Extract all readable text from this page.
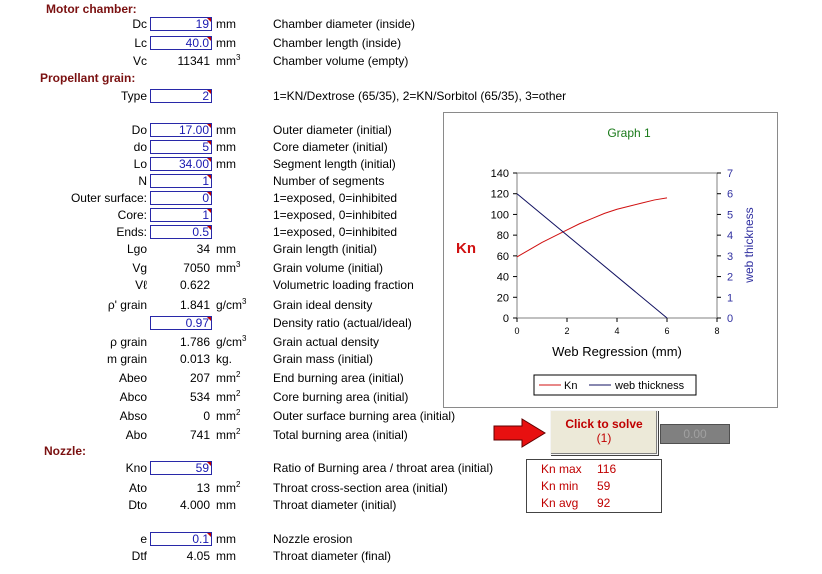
Motor chamber:
Propellant grain:
Nozzle:
Dc	19 mm	Chamber diameter (inside)
Lc	40.0 mm	Chamber length (inside)
Vc	11341 $mm^3$	Chamber volume (empty)
Type	2	1=KN/Dextrose (65/35), 2=KN/Sorbitol (65/35), 3=other
Do	17.00 mm	Outer diameter (initial)
do	5 mm	Core diameter (initial)
Lo	34.00 mm	Segment length (initial)
N	1	Number of segments
Outer surface:	0	1=exposed, 0=inhibited
Core:	1	1=exposed, 0=inhibited
Ends:	0.5	1=exposed, 0=inhibited
Lgo	34 mm	Grain length (initial)
Vg	7050 $mm^3$	Grain volume (initial)
Vℓ	0.622	Volumetric loading fraction
ρ' grain	1.841 $g/cm^3$ Grain ideal density
0.97	Density ratio (actual/ideal)
ρ grain	1.786 $g/cm^3$ Grain actual density
m grain	0.013 kg.	Grain mass (initial)
Abeo	207 $mm^2$	End burning area (initial)
Abco	534 $mm^2$	Core burning area (initial)
Abso	0 $mm^2$	Outer surface burning area (initial)
Abo	741 $mm^2$	Total burning area (initial)
Kno	59	Ratio of Burning area / throat area (initial)
Ato	13 $mm^2$	Throat cross-section area (initial)
Dto	4.000 mm	Throat diameter (initial)
e	0.1 mm	Nozzle erosion
Dtf	4.05 mm	Throat diameter (final)
Graph 1
0
20
40
60
80
100
120
140
0
1
2
3
4
5
6
7
0	2	4	6	8
Web Regression (mm)
Kn	web thickness
Kn	web thickness
Click to solve
(1)	0.00
Kn max 116
Kn min 59
Kn avg 92
